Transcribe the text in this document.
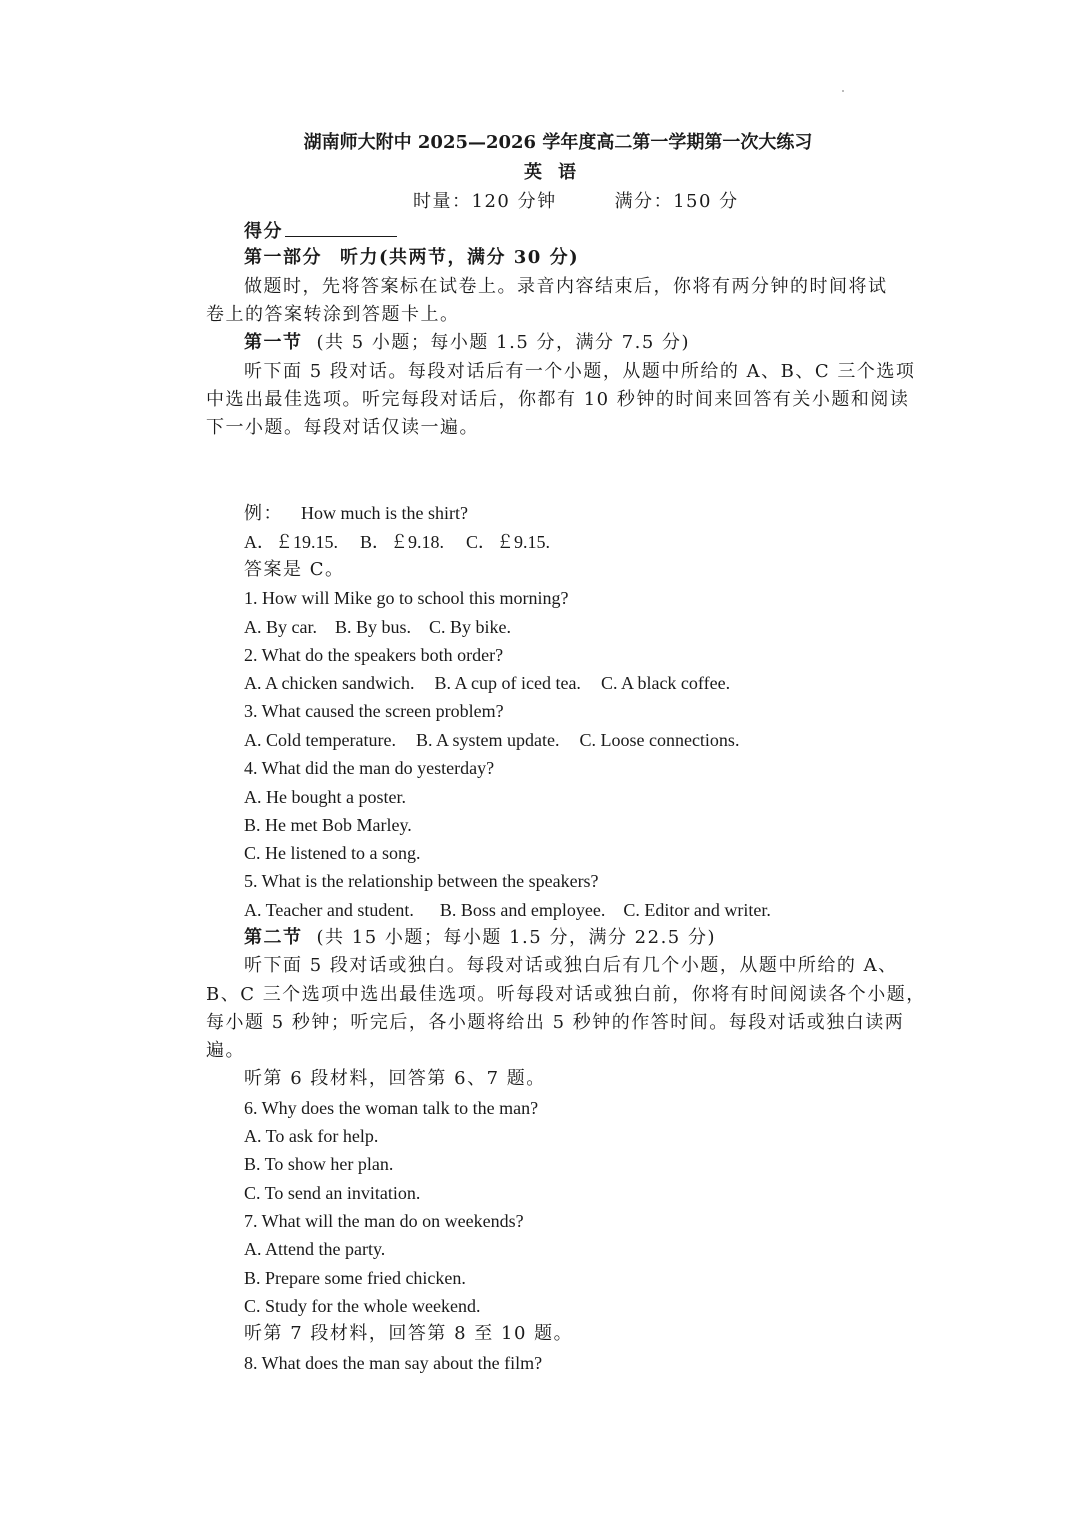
湖南师大附中 2025—2026 学年度高二第一学期第一次大练习
英语
时量：120 分钟	满分：150 分
得分
第一部分 听力(共两节，满分 30 分)
做题时，先将答案标在试卷上。录音内容结束后，你将有两分钟的时间将试
卷上的答案转涂到答题卡上。
第一节 (共 5 小题；每小题 1.5 分，满分 7.5 分)
听下面 5 段对话。每段对话后有一个小题，从题中所给的 A、B、C 三个选项
中选出最佳选项。听完每段对话后，你都有 10 秒钟的时间来回答有关小题和阅读
下一小题。每段对话仅读一遍。
例： How much is the shirt?
A．￡19.15. B．￡9.18. C．￡9.15.
答案是 C。
1. How will Mike go to school this morning?
A. By car. B. By bus. C. By bike.
2. What do the speakers both order?
A. A chicken sandwich. B. A cup of iced tea. C. A black coffee.
3. What caused the screen problem?
A. Cold temperature. B. A system update. C. Loose connections.
4. What did the man do yesterday?
A. He bought a poster.
B. He met Bob Marley.
C. He listened to a song.
5. What is the relationship between the speakers?
A. Teacher and student. B. Boss and employee. C. Editor and writer.
第二节 (共 15 小题；每小题 1.5 分，满分 22.5 分)
听下面 5 段对话或独白。每段对话或独白后有几个小题，从题中所给的 A、
B、C 三个选项中选出最佳选项。听每段对话或独白前，你将有时间阅读各个小题，
每小题 5 秒钟；听完后，各小题将给出 5 秒钟的作答时间。每段对话或独白读两
遍。
听第 6 段材料，回答第 6、7 题。
6. Why does the woman talk to the man?
A. To ask for help.
B. To show her plan.
C. To send an invitation.
7. What will the man do on weekends?
A. Attend the party.
B. Prepare some fried chicken.
C. Study for the whole weekend.
听第 7 段材料，回答第 8 至 10 题。
8. What does the man say about the film?
